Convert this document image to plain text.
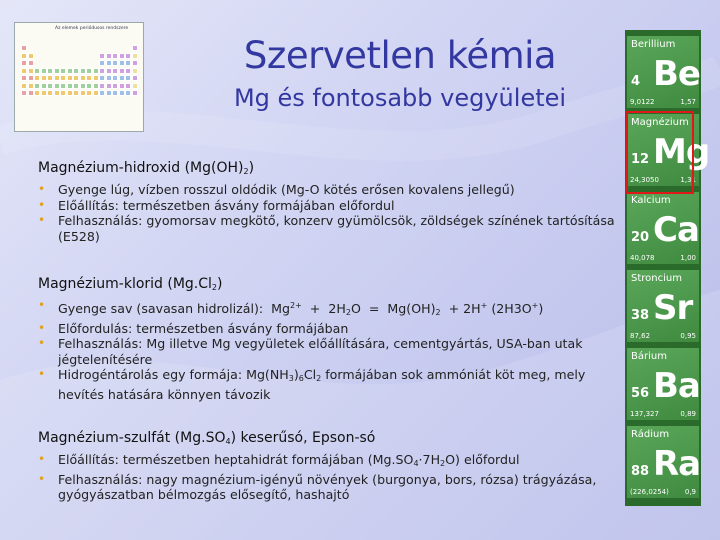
Az elemek periódusos rendszere
Szervetlen kémia
Mg és fontosabb vegyületei
Magnézium-hidroxid $(Mg(OH)_2)$
• Gyenge lúg, vízben rosszul oldódik (Mg-O kötés erősen kovalens jellegű)
• Előállítás: természetben ásvány formájában előfordul
• Felhasználás: gyomorsav megkötő, konzerv gyümölcsök, zöldségek színének tartósítása (E528)
Magnézium-klorid $(Mg.Cl_2)$
• Gyenge sav (savasan hidrolizál):  $Mg^{2+} + 2H_2O = Mg(OH)_2 + 2H^+$ (2H3O+)
• Előfordulás: természetben ásvány formájában
• Felhasználás: Mg illetve Mg vegyületek előállítására, cementgyártás, USA-ban utak jégtelenítésére
• Hidrogéntárolás egy formája: $Mg(NH_3)_6Cl_2$ formájában sok ammóniát köt meg, mely hevítés hatására könnyen távozik
Magnézium-szulfát $(Mg.SO_4)$ keserűsó, Epson-só
• Előállítás: természetben heptahidrát formájában $(Mg.SO_4\cdot 7H_2O)$ előfordul
• Felhasználás: nagy magnézium-igényű növények (burgonya, bors, rózsa) trágyázása, gyógyászatban bélmozgás elősegítő, hashajtó
Berillium
4 Be
9,0122	1,57
Magnézium
12 Mg
24,3050	1,31
Kalcium
20 Ca
40,078	1,00
Stroncium
38 Sr
87,62	0,95
Bárium
56 Ba
137,327	0,89
Rádium
88 Ra
(226,0254) 0,9
